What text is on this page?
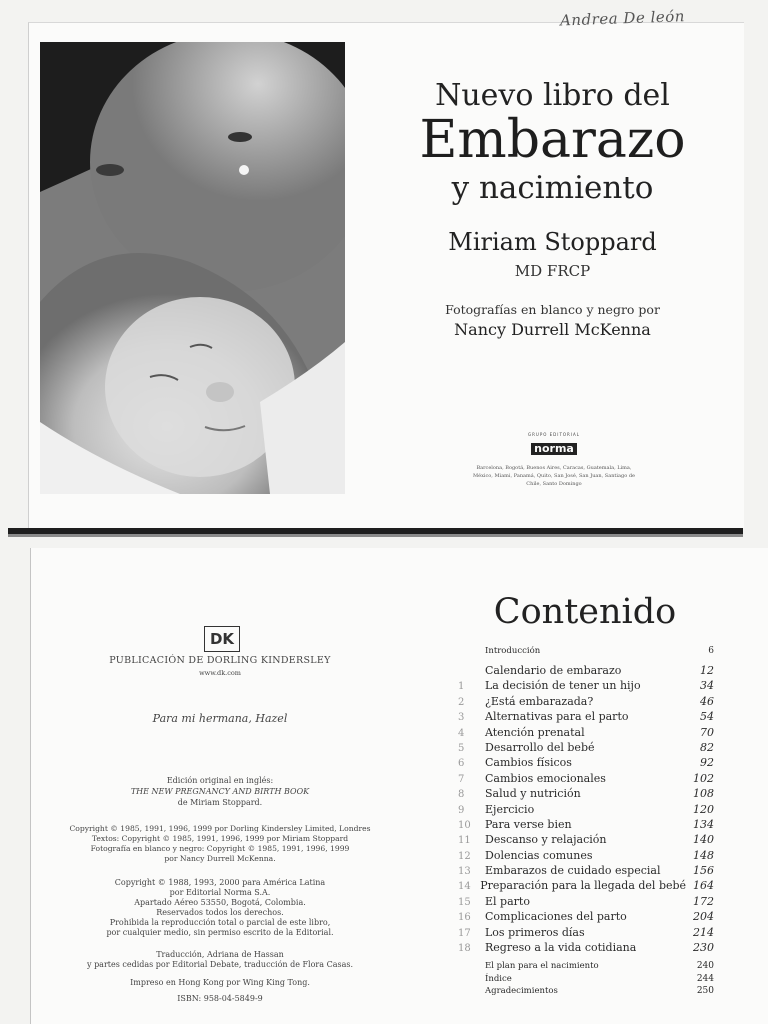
Andrea De león
Nuevo libro del
Embarazo
y nacimiento
Miriam Stoppard
MD FRCP
Fotografías en blanco y negro por
Nancy Durrell McKenna
GRUPO EDITORIAL
norma
Barcelona, Bogotá, Buenos Aires, Caracas, Guatemala, Lima, México, Miami, Panamá, Quito, San José, San Juan, Santiago de Chile, Santo Domingo
DK
PUBLICACIÓN DE DORLING KINDERSLEY
www.dk.com
Para mi hermana, Hazel
Edición original en inglés:
THE NEW PREGNANCY AND BIRTH BOOK
de Miriam Stoppard.
Copyright © 1985, 1991, 1996, 1999 por Dorling Kindersley Limited, Londres
Textos: Copyright © 1985, 1991, 1996, 1999 por Miriam Stoppard
Fotografía en blanco y negro: Copyright © 1985, 1991, 1996, 1999
por Nancy Durrell McKenna.
Copyright © 1988, 1993, 2000 para América Latina
por Editorial Norma S.A.
Apartado Aéreo 53550, Bogotá, Colombia.
Reservados todos los derechos.
Prohibida la reproducción total o parcial de este libro,
por cualquier medio, sin permiso escrito de la Editorial.
Traducción, Adriana de Hassan
y partes cedidas por Editorial Debate, traducción de Flora Casas.
Impreso en Hong Kong por Wing King Tong.
ISBN: 958-04-5849-9
Contenido
Introducción	6
Calendario de embarazo	12
1	La decisión de tener un hijo	34
2	¿Está embarazada?	46
3	Alternativas para el parto	54
4	Atención prenatal	70
5	Desarrollo del bebé	82
6	Cambios físicos	92
7	Cambios emocionales	102
8	Salud y nutrición	108
9	Ejercicio	120
10	Para verse bien	134
11	Descanso y relajación	140
12	Dolencias comunes	148
13	Embarazos de cuidado especial	156
14 Preparación para la llegada del bebé 164
15	El parto	172
16	Complicaciones del parto	204
17	Los primeros días	214
18	Regreso a la vida cotidiana	230
El plan para el nacimiento	240
Índice	244
Agradecimientos	250
